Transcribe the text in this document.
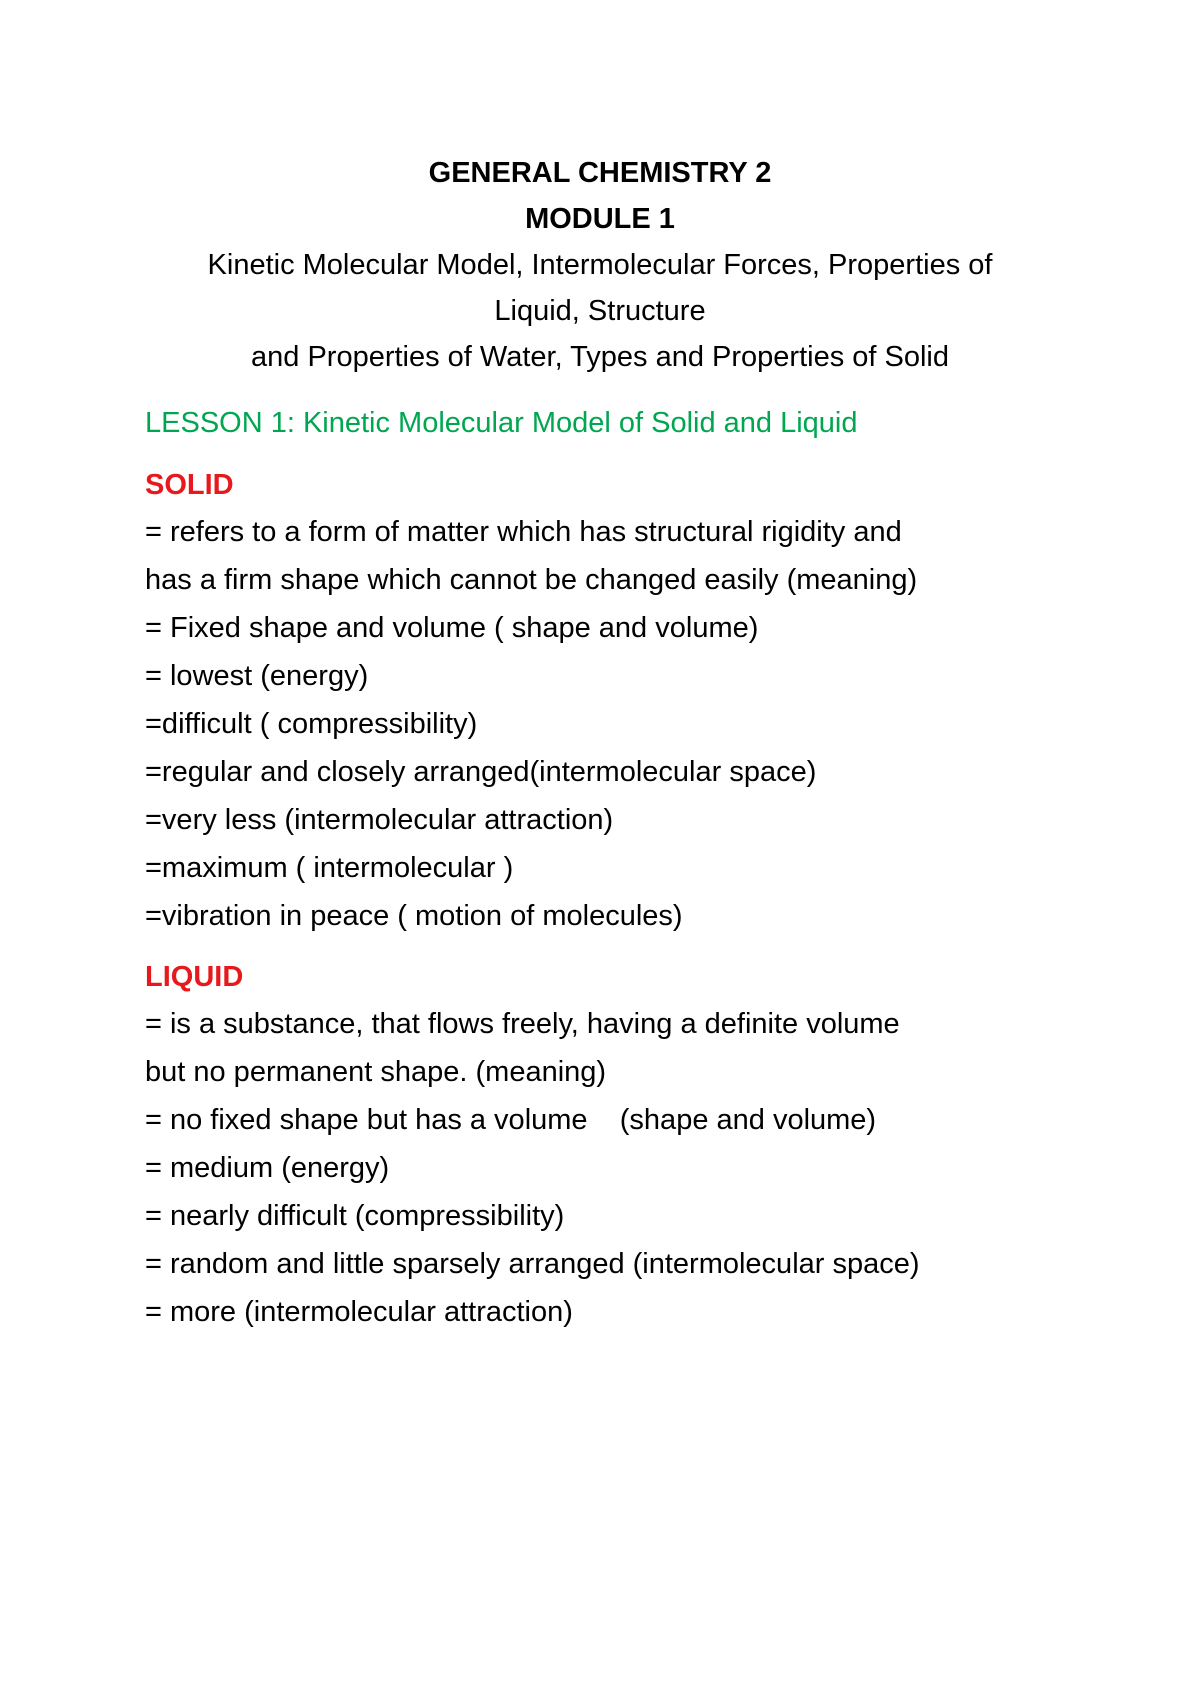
GENERAL CHEMISTRY 2

MODULE 1

Kinetic Molecular Model, Intermolecular Forces, Properties of

Liquid, Structure

and Properties of Water, Types and Properties of Solid

LESSON 1: Kinetic Molecular Model of Solid and Liquid

SOLID

= refers to a form of matter which has structural rigidity and

has a firm shape which cannot be changed easily (meaning)

= Fixed shape and volume ( shape and volume)

= lowest (energy)

=difficult ( compressibility)

=regular and closely arranged(intermolecular space)

=very less (intermolecular attraction)

=maximum ( intermolecular )

=vibration in peace ( motion of molecules)

LIQUID

= is a substance, that flows freely, having a definite volume

but no permanent shape. (meaning)

= no fixed shape but has a volume    (shape and volume)

= medium (energy)

= nearly difficult (compressibility)

= random and little sparsely arranged (intermolecular space)

= more (intermolecular attraction)
